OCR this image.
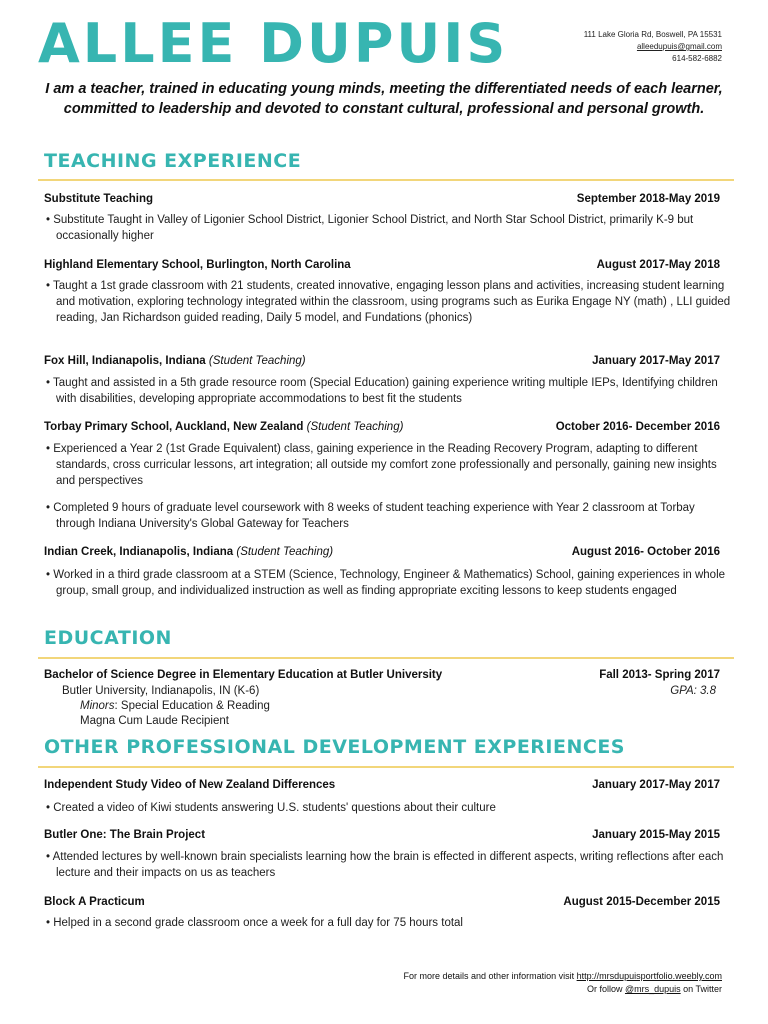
ALLEE DUPUIS	111 Lake Gloria Rd, Boswell, PA 15531
alleedupuis@gmail.com
614-582-6882
I am a teacher, trained in educating young minds, meeting the differentiated needs of each learner, committed to leadership and devoted to constant cultural, professional and personal growth.
TEACHING EXPERIENCE
Substitute Teaching	September 2018-May 2019
• Substitute Taught in Valley of Ligonier School District, Ligonier School District, and North Star School District, primarily K-9 but occasionally higher
Highland Elementary School, Burlington, North Carolina	August 2017-May 2018
• Taught a 1st grade classroom with 21 students, created innovative, engaging lesson plans and activities, increasing student learning and motivation, exploring technology integrated within the classroom, using programs such as Eurika Engage NY (math) , LLI guided reading, Jan Richardson guided reading, Daily 5 model, and Fundations (phonics)
Fox Hill, Indianapolis, Indiana (Student Teaching)	January 2017-May 2017
• Taught and assisted in a 5th grade resource room (Special Education) gaining experience writing multiple IEPs, Identifying children with disabilities, developing appropriate accommodations to best fit the students
Torbay Primary School, Auckland, New Zealand (Student Teaching)	October 2016- December 2016
• Experienced a Year 2 (1st Grade Equivalent) class, gaining experience in the Reading Recovery Program, adapting to different standards, cross curricular lessons, art integration; all outside my comfort zone professionally and personally, gaining new insights and perspectives
• Completed 9 hours of graduate level coursework with 8 weeks of student teaching experience with Year 2 classroom at Torbay through Indiana University's Global Gateway for Teachers
Indian Creek, Indianapolis, Indiana (Student Teaching)	August 2016- October 2016
• Worked in a third grade classroom at a STEM (Science, Technology, Engineer & Mathematics) School, gaining experiences in whole group, small group, and individualized instruction as well as finding appropriate exciting lessons to keep students engaged
EDUCATION
Bachelor of Science Degree in Elementary Education at Butler University	Fall 2013- Spring 2017
Butler University, Indianapolis, IN (K-6)	GPA: 3.8
Minors: Special Education & Reading
Magna Cum Laude Recipient
OTHER PROFESSIONAL DEVELOPMENT EXPERIENCES
Independent Study Video of New Zealand Differences	January 2017-May 2017
• Created a video of Kiwi students answering U.S. students' questions about their culture
Butler One: The Brain Project	January 2015-May 2015
• Attended lectures by well-known brain specialists learning how the brain is effected in different aspects, writing reflections after each lecture and their impacts on us as teachers
Block A Practicum	August 2015-December 2015
• Helped in a second grade classroom once a week for a full day for 75 hours total
For more details and other information visit http://mrsdupuisportfolio.weebly.com
Or follow @mrs_dupuis on Twitter
